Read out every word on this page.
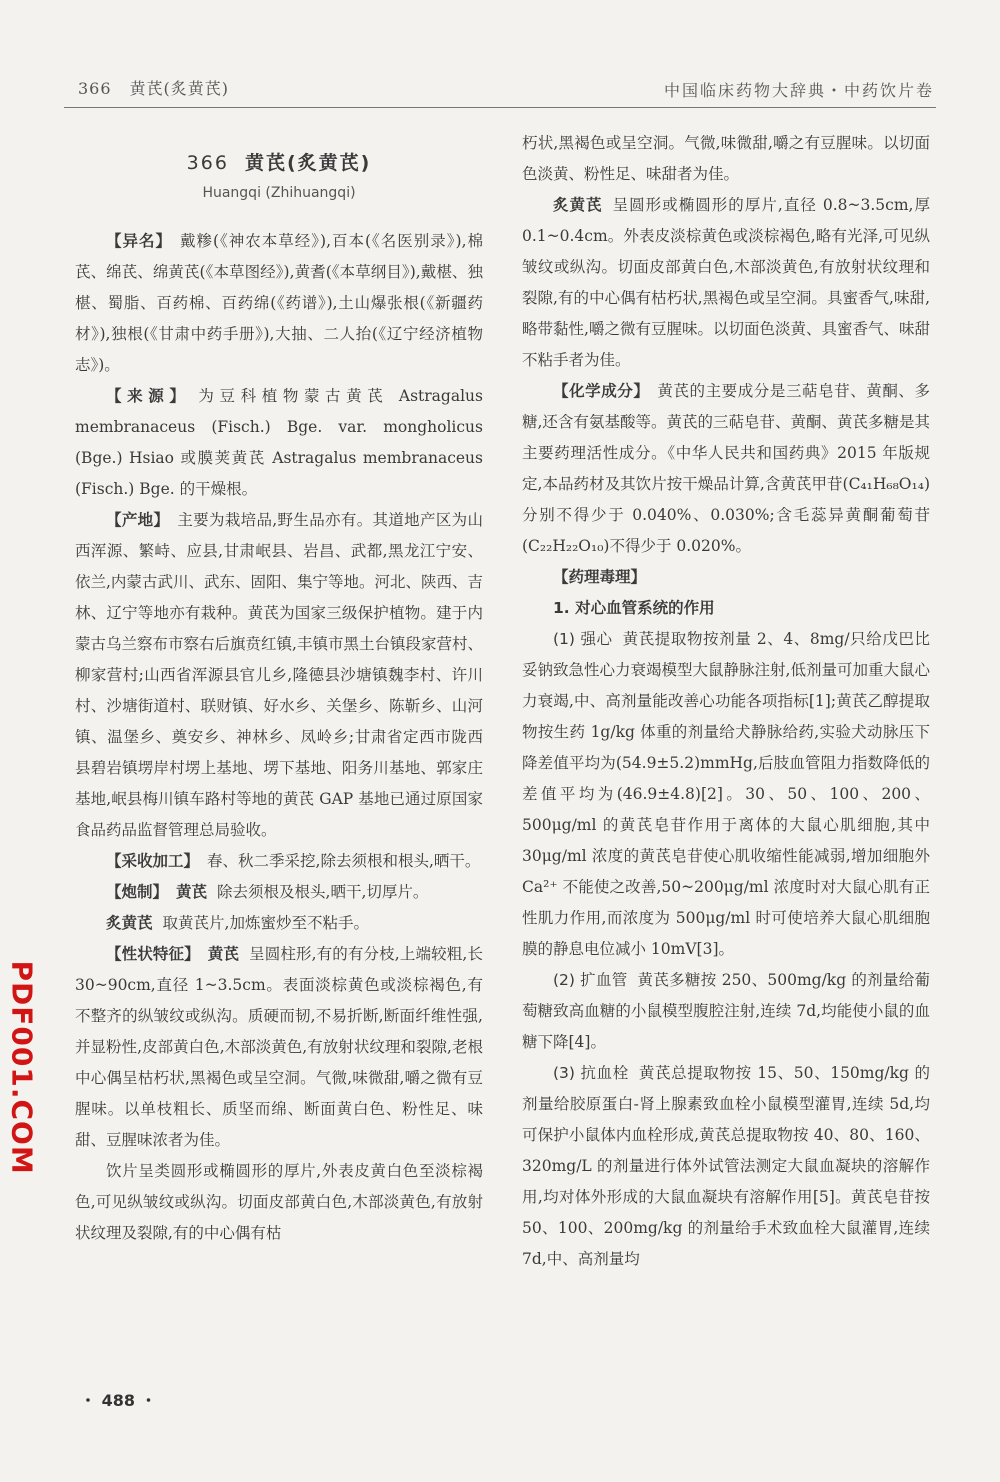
366 黄芪(炙黄芪)	中国临床药物大辞典・中药饮片卷
366 黄芪(炙黄芪)
Huangqi (Zhihuangqi)

【异名】 戴糁(《神农本草经》),百本(《名医别录》),棉芪、绵芪、绵黄芪(《本草图经》),黄耆(《本草纲目》),戴椹、独椹、蜀脂、百药棉、百药绵(《药谱》),土山爆张根(《新疆药材》),独根(《甘肃中药手册》),大抽、二人抬(《辽宁经济植物志》)。

【来源】 为豆科植物蒙古黄芪 Astragalus membranaceus (Fisch.) Bge. var. mongholicus (Bge.) Hsiao 或膜荚黄芪 Astragalus membranaceus (Fisch.) Bge. 的干燥根。

【产地】 主要为栽培品,野生品亦有。其道地产区为山西浑源、繁峙、应县,甘肃岷县、岩昌、武都,黑龙江宁安、依兰,内蒙古武川、武东、固阳、集宁等地。河北、陕西、吉林、辽宁等地亦有栽种。黄芪为国家三级保护植物。建于内蒙古乌兰察布市察右后旗贲红镇,丰镇市黑土台镇段家营村、柳家营村;山西省浑源县官儿乡,隆德县沙塘镇魏李村、许川村、沙塘街道村、联财镇、好水乡、关堡乡、陈靳乡、山河镇、温堡乡、奠安乡、神林乡、凤岭乡;甘肃省定西市陇西县碧岩镇塄岸村塄上基地、塄下基地、阳务川基地、郭家庄基地,岷县梅川镇车路村等地的黄芪 GAP 基地已通过原国家食品药品监督管理总局验收。

【采收加工】 春、秋二季采挖,除去须根和根头,晒干。

【炮制】 黄芪 除去须根及根头,晒干,切厚片。

炙黄芪 取黄芪片,加炼蜜炒至不粘手。

【性状特征】 黄芪 呈圆柱形,有的有分枝,上端较粗,长 30~90cm,直径 1~3.5cm。表面淡棕黄色或淡棕褐色,有不整齐的纵皱纹或纵沟。质硬而韧,不易折断,断面纤维性强,并显粉性,皮部黄白色,木部淡黄色,有放射状纹理和裂隙,老根中心偶呈枯朽状,黑褐色或呈空洞。气微,味微甜,嚼之微有豆腥味。以单枝粗长、质坚而绵、断面黄白色、粉性足、味甜、豆腥味浓者为佳。

饮片呈类圆形或椭圆形的厚片,外表皮黄白色至淡棕褐色,可见纵皱纹或纵沟。切面皮部黄白色,木部淡黄色,有放射状纹理及裂隙,有的中心偶有枯

朽状,黑褐色或呈空洞。气微,味微甜,嚼之有豆腥味。以切面色淡黄、粉性足、味甜者为佳。

炙黄芪 呈圆形或椭圆形的厚片,直径 0.8~3.5cm,厚 0.1~0.4cm。外表皮淡棕黄色或淡棕褐色,略有光泽,可见纵皱纹或纵沟。切面皮部黄白色,木部淡黄色,有放射状纹理和裂隙,有的中心偶有枯朽状,黑褐色或呈空洞。具蜜香气,味甜,略带黏性,嚼之微有豆腥味。以切面色淡黄、具蜜香气、味甜不粘手者为佳。

【化学成分】 黄芪的主要成分是三萜皂苷、黄酮、多糖,还含有氨基酸等。黄芪的三萜皂苷、黄酮、黄芪多糖是其主要药理活性成分。《中华人民共和国药典》2015 年版规定,本品药材及其饮片按干燥品计算,含黄芪甲苷(C₄₁H₆₈O₁₄)分别不得少于 0.040%、0.030%;含毛蕊异黄酮葡萄苷(C₂₂H₂₂O₁₀)不得少于 0.020%。

【药理毒理】

1. 对心血管系统的作用

(1) 强心 黄芪提取物按剂量 2、4、8mg/只给戊巴比妥钠致急性心力衰竭模型大鼠静脉注射,低剂量可加重大鼠心力衰竭,中、高剂量能改善心功能各项指标[1];黄芪乙醇提取物按生药 1g/kg 体重的剂量给犬静脉给药,实验犬动脉压下降差值平均为(54.9±5.2)mmHg,后肢血管阻力指数降低的差值平均为(46.9±4.8)[2]。30、50、100、200、500μg/ml 的黄芪皂苷作用于离体的大鼠心肌细胞,其中 30μg/ml 浓度的黄芪皂苷使心肌收缩性能减弱,增加细胞外 Ca²⁺ 不能使之改善,50~200μg/ml 浓度时对大鼠心肌有正性肌力作用,而浓度为 500μg/ml 时可使培养大鼠心肌细胞膜的静息电位减小 10mV[3]。

(2) 扩血管 黄芪多糖按 250、500mg/kg 的剂量给葡萄糖致高血糖的小鼠模型腹腔注射,连续 7d,均能使小鼠的血糖下降[4]。

(3) 抗血栓 黄芪总提取物按 15、50、150mg/kg 的剂量给胶原蛋白-肾上腺素致血栓小鼠模型灌胃,连续 5d,均可保护小鼠体内血栓形成,黄芪总提取物按 40、80、160、320mg/L 的剂量进行体外试管法测定大鼠血凝块的溶解作用,均对体外形成的大鼠血凝块有溶解作用[5]。黄芪皂苷按 50、100、200mg/kg 的剂量给手术致血栓大鼠灌胃,连续 7d,中、高剂量均

PDF001.COM
・ 488 ・
